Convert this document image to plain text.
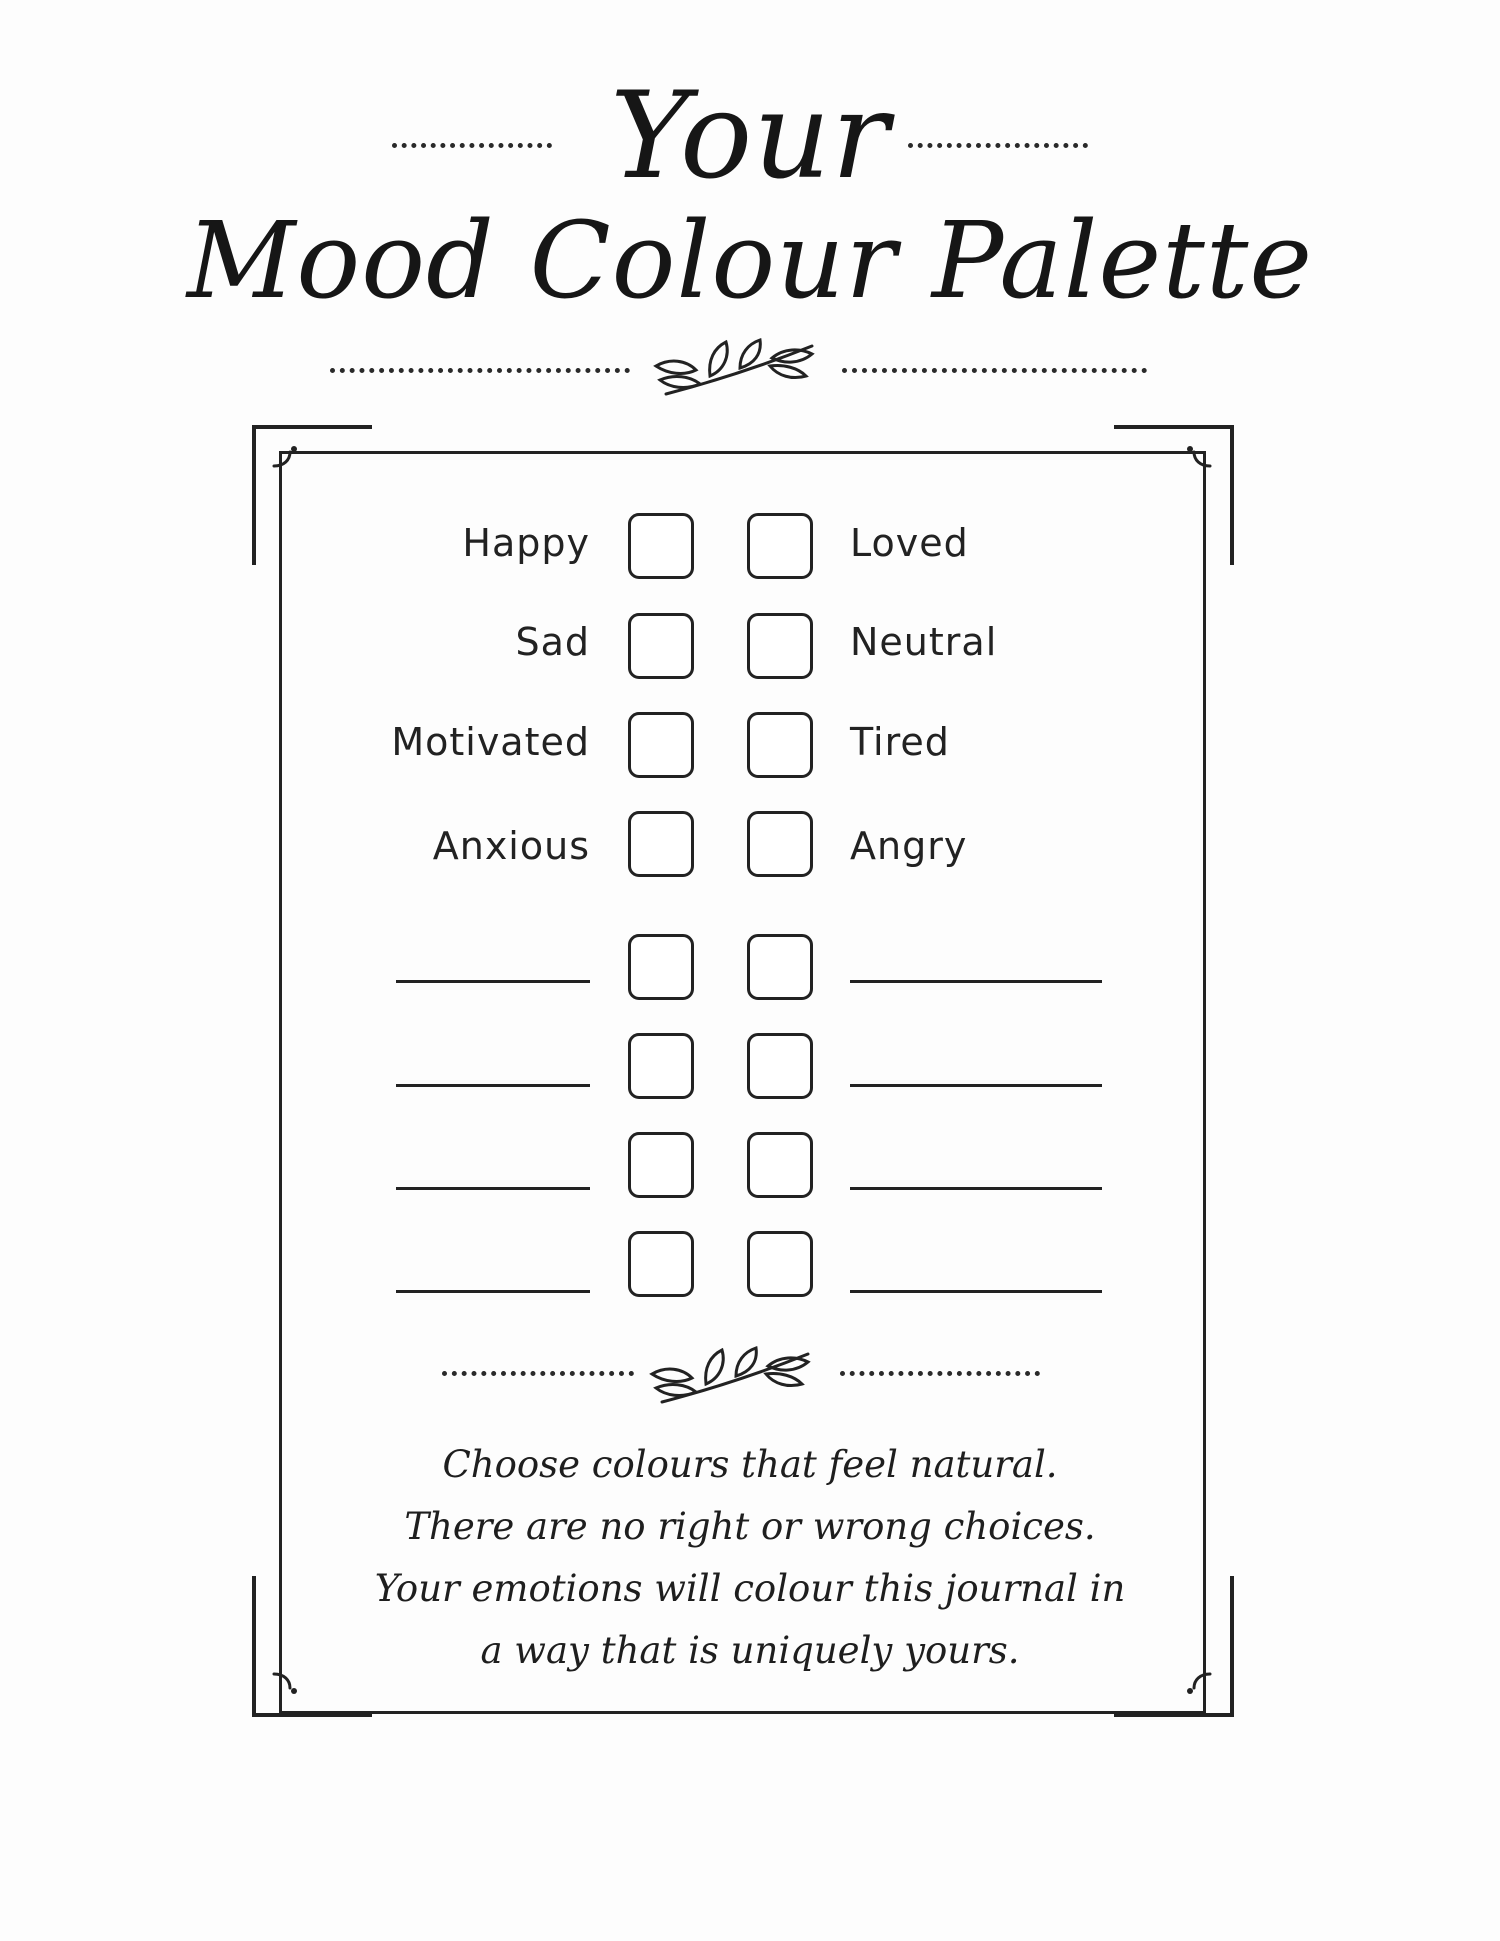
Your
Mood Colour Palette
Happy	Loved
Sad	Neutral
Motivated	Tired
Anxious	Angry
Choose colours that feel natural.
There are no right or wrong choices.
Your emotions will colour this journal in
a way that is uniquely yours.
